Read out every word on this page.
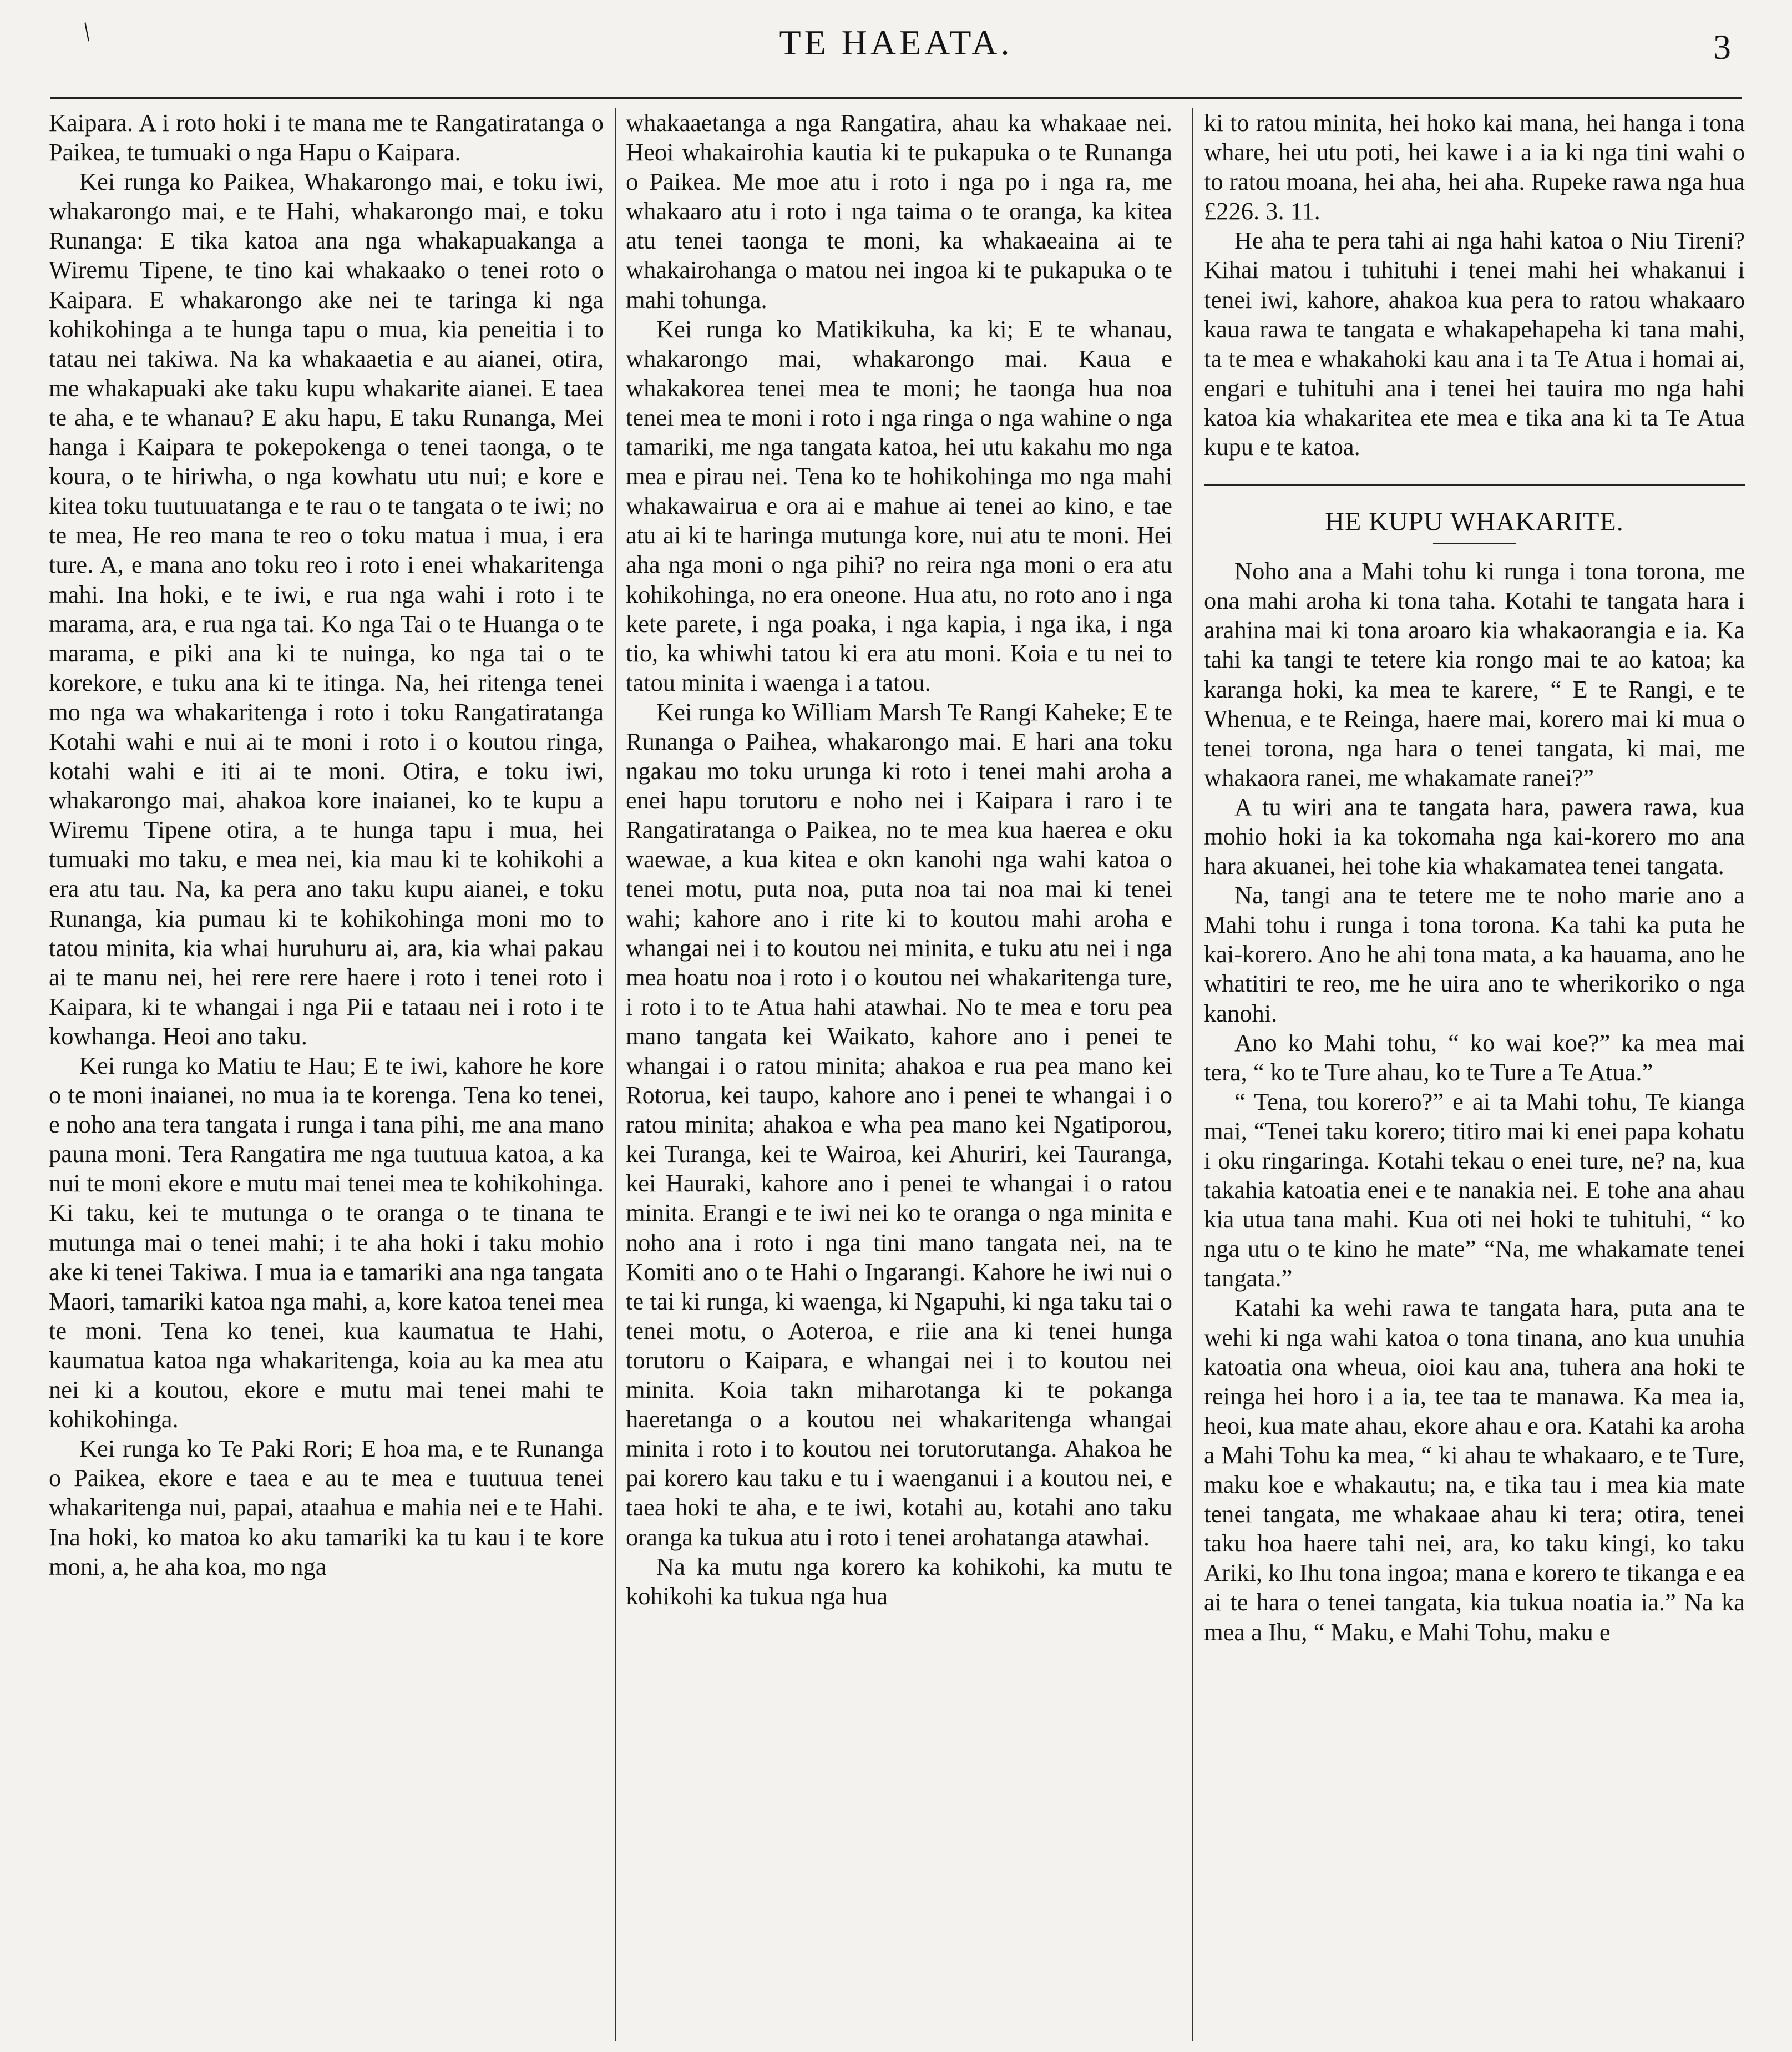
/	TE HAEATA.	3

Kaipara. A i roto hoki i te mana me te Rangatiratanga o Paikea, te tumuaki o nga Hapu o Kaipara.

Kei runga ko Paikea, Whakarongo mai, e toku iwi, whakarongo mai, e te Hahi, whakarongo mai, e toku Runanga: E tika katoa ana nga whakapuakanga a Wiremu Tipene, te tino kai whakaako o tenei roto o Kaipara. E whakarongo ake nei te taringa ki nga kohikohinga a te hunga tapu o mua, kia peneitia i to tatau nei takiwa. Na ka whakaaetia e au aianei, otira, me whakapuaki ake taku kupu whakarite aianei. E taea te aha, e te whanau? E aku hapu, E taku Runanga, Mei hanga i Kaipara te pokepokenga o tenei taonga, o te koura, o te hiriwha, o nga kowhatu utu nui; e kore e kitea toku tuutuuatanga e te rau o te tangata o te iwi; no te mea, He reo mana te reo o toku matua i mua, i era ture. A, e mana ano toku reo i roto i enei whakaritenga mahi. Ina hoki, e te iwi, e rua nga wahi i roto i te marama, ara, e rua nga tai. Ko nga Tai o te Huanga o te marama, e piki ana ki te nuinga, ko nga tai o te korekore, e tuku ana ki te itinga. Na, hei ritenga tenei mo nga wa whakaritenga i roto i toku Rangatiratanga Kotahi wahi e nui ai te moni i roto i o koutou ringa, kotahi wahi e iti ai te moni. Otira, e toku iwi, whakarongo mai, ahakoa kore inaianei, ko te kupu a Wiremu Tipene otira, a te hunga tapu i mua, hei tumuaki mo taku, e mea nei, kia mau ki te kohikohi a era atu tau. Na, ka pera ano taku kupu aianei, e toku Runanga, kia pumau ki te kohikohinga moni mo to tatou minita, kia whai huruhuru ai, ara, kia whai pakau ai te manu nei, hei rere rere haere i roto i tenei roto i Kaipara, ki te whangai i nga Pii e tataau nei i roto i te kowhanga. Heoi ano taku.

Kei runga ko Matiu te Hau; E te iwi, kahore he kore o te moni inaianei, no mua ia te korenga. Tena ko tenei, e noho ana tera tangata i runga i tana pihi, me ana mano pauna moni. Tera Rangatira me nga tuutuua katoa, a ka nui te moni ekore e mutu mai tenei mea te kohikohinga. Ki taku, kei te mutunga o te oranga o te tinana te mutunga mai o tenei mahi; i te aha hoki i taku mohio ake ki tenei Takiwa. I mua ia e tamariki ana nga tangata Maori, tamariki katoa nga mahi, a, kore katoa tenei mea te moni. Tena ko tenei, kua kaumatua te Hahi, kaumatua katoa nga whakaritenga, koia au ka mea atu nei ki a koutou, ekore e mutu mai tenei mahi te kohikohinga.

Kei runga ko Te Paki Rori; E hoa ma, e te Runanga o Paikea, ekore e taea e au te mea e tuutuua tenei whakaritenga nui, papai, ataahua e mahia nei e te Hahi. Ina hoki, ko matoa ko aku tamariki ka tu kau i te kore moni, a, he aha koa, mo nga

whakaaetanga a nga Rangatira, ahau ka whakaae nei. Heoi whakairohia kautia ki te pukapuka o te Runanga o Paikea. Me moe atu i roto i nga po i nga ra, me whakaaro atu i roto i nga taima o te oranga, ka kitea atu tenei taonga te moni, ka whakaeaina ai te whakairohanga o matou nei ingoa ki te pukapuka o te mahi tohunga.

Kei runga ko Matikikuha, ka ki; E te whanau, whakarongo mai, whakarongo mai. Kaua e whakakorea tenei mea te moni; he taonga hua noa tenei mea te moni i roto i nga ringa o nga wahine o nga tamariki, me nga tangata katoa, hei utu kakahu mo nga mea e pirau nei. Tena ko te hohikohinga mo nga mahi whakawairua e ora ai e mahue ai tenei ao kino, e tae atu ai ki te haringa mutunga kore, nui atu te moni. Hei aha nga moni o nga pihi? no reira nga moni o era atu kohikohinga, no era oneone. Hua atu, no roto ano i nga kete parete, i nga poaka, i nga kapia, i nga ika, i nga tio, ka whiwhi tatou ki era atu moni. Koia e tu nei to tatou minita i waenga i a tatou.

Kei runga ko William Marsh Te Rangi Kaheke; E te Runanga o Paihea, whakarongo mai. E hari ana toku ngakau mo toku urunga ki roto i tenei mahi aroha a enei hapu torutoru e noho nei i Kaipara i raro i te Rangatiratanga o Paikea, no te mea kua haerea e oku waewae, a kua kitea e okn kanohi nga wahi katoa o tenei motu, puta noa, puta noa tai noa mai ki tenei wahi; kahore ano i rite ki to koutou mahi aroha e whangai nei i to koutou nei minita, e tuku atu nei i nga mea hoatu noa i roto i o koutou nei whakaritenga ture, i roto i to te Atua hahi atawhai. No te mea e toru pea mano tangata kei Waikato, kahore ano i penei te whangai i o ratou minita; ahakoa e rua pea mano kei Rotorua, kei taupo, kahore ano i penei te whangai i o ratou minita; ahakoa e wha pea mano kei Ngatiporou, kei Turanga, kei te Wairoa, kei Ahuriri, kei Tauranga, kei Hauraki, kahore ano i penei te whangai i o ratou minita. Erangi e te iwi nei ko te oranga o nga minita e noho ana i roto i nga tini mano tangata nei, na te Komiti ano o te Hahi o Ingarangi. Kahore he iwi nui o te tai ki runga, ki waenga, ki Ngapuhi, ki nga taku tai o tenei motu, o Aoteroa, e riie ana ki tenei hunga torutoru o Kaipara, e whangai nei i to koutou nei minita. Koia takn miharotanga ki te pokanga haeretanga o a koutou nei whakaritenga whangai minita i roto i to koutou nei torutorutanga. Ahakoa he pai korero kau taku e tu i waenganui i a koutou nei, e taea hoki te aha, e te iwi, kotahi au, kotahi ano taku oranga ka tukua atu i roto i tenei arohatanga atawhai.

Na ka mutu nga korero ka kohikohi, ka mutu te kohikohi ka tukua nga hua

ki to ratou minita, hei hoko kai mana, hei hanga i tona whare, hei utu poti, hei kawe i a ia ki nga tini wahi o to ratou moana, hei aha, hei aha. Rupeke rawa nga hua £226. 3. 11.

He aha te pera tahi ai nga hahi katoa o Niu Tireni? Kihai matou i tuhituhi i tenei mahi hei whakanui i tenei iwi, kahore, ahakoa kua pera to ratou whakaaro kaua rawa te tangata e whakapehapeha ki tana mahi, ta te mea e whakahoki kau ana i ta Te Atua i homai ai, engari e tuhituhi ana i tenei hei tauira mo nga hahi katoa kia whakaritea ete mea e tika ana ki ta Te Atua kupu e te katoa.

HE KUPU WHAKARITE.

Noho ana a Mahi tohu ki runga i tona torona, me ona mahi aroha ki tona taha. Kotahi te tangata hara i arahina mai ki tona aroaro kia whakaorangia e ia. Ka tahi ka tangi te tetere kia rongo mai te ao katoa; ka karanga hoki, ka mea te karere, “ E te Rangi, e te Whenua, e te Reinga, haere mai, korero mai ki mua o tenei torona, nga hara o tenei tangata, ki mai, me whakaora ranei, me whakamate ranei?”

A tu wiri ana te tangata hara, pawera rawa, kua mohio hoki ia ka tokomaha nga kai-korero mo ana hara akuanei, hei tohe kia whakamatea tenei tangata.

Na, tangi ana te tetere me te noho marie ano a Mahi tohu i runga i tona torona. Ka tahi ka puta he kai-korero. Ano he ahi tona mata, a ka hauama, ano he whatitiri te reo, me he uira ano te wherikoriko o nga kanohi.

Ano ko Mahi tohu, “ ko wai koe?” ka mea mai tera, “ ko te Ture ahau, ko te Ture a Te Atua.”

“ Tena, tou korero?” e ai ta Mahi tohu, Te kianga mai, “Tenei taku korero; titiro mai ki enei papa kohatu i oku ringaringa. Kotahi tekau o enei ture, ne? na, kua takahia katoatia enei e te nanakia nei. E tohe ana ahau kia utua tana mahi. Kua oti nei hoki te tuhituhi, “ ko nga utu o te kino he mate” “Na, me whakamate tenei tangata.”

Katahi ka wehi rawa te tangata hara, puta ana te wehi ki nga wahi katoa o tona tinana, ano kua unuhia katoatia ona wheua, oioi kau ana, tuhera ana hoki te reinga hei horo i a ia, tee taa te manawa. Ka mea ia, heoi, kua mate ahau, ekore ahau e ora. Katahi ka aroha a Mahi Tohu ka mea, “ ki ahau te whakaaro, e te Ture, maku koe e whakautu; na, e tika tau i mea kia mate tenei tangata, me whakaae ahau ki tera; otira, tenei taku hoa haere tahi nei, ara, ko taku kingi, ko taku Ariki, ko Ihu tona ingoa; mana e korero te tikanga e ea ai te hara o tenei tangata, kia tukua noatia ia.” Na ka mea a Ihu, “ Maku, e Mahi Tohu, maku e
